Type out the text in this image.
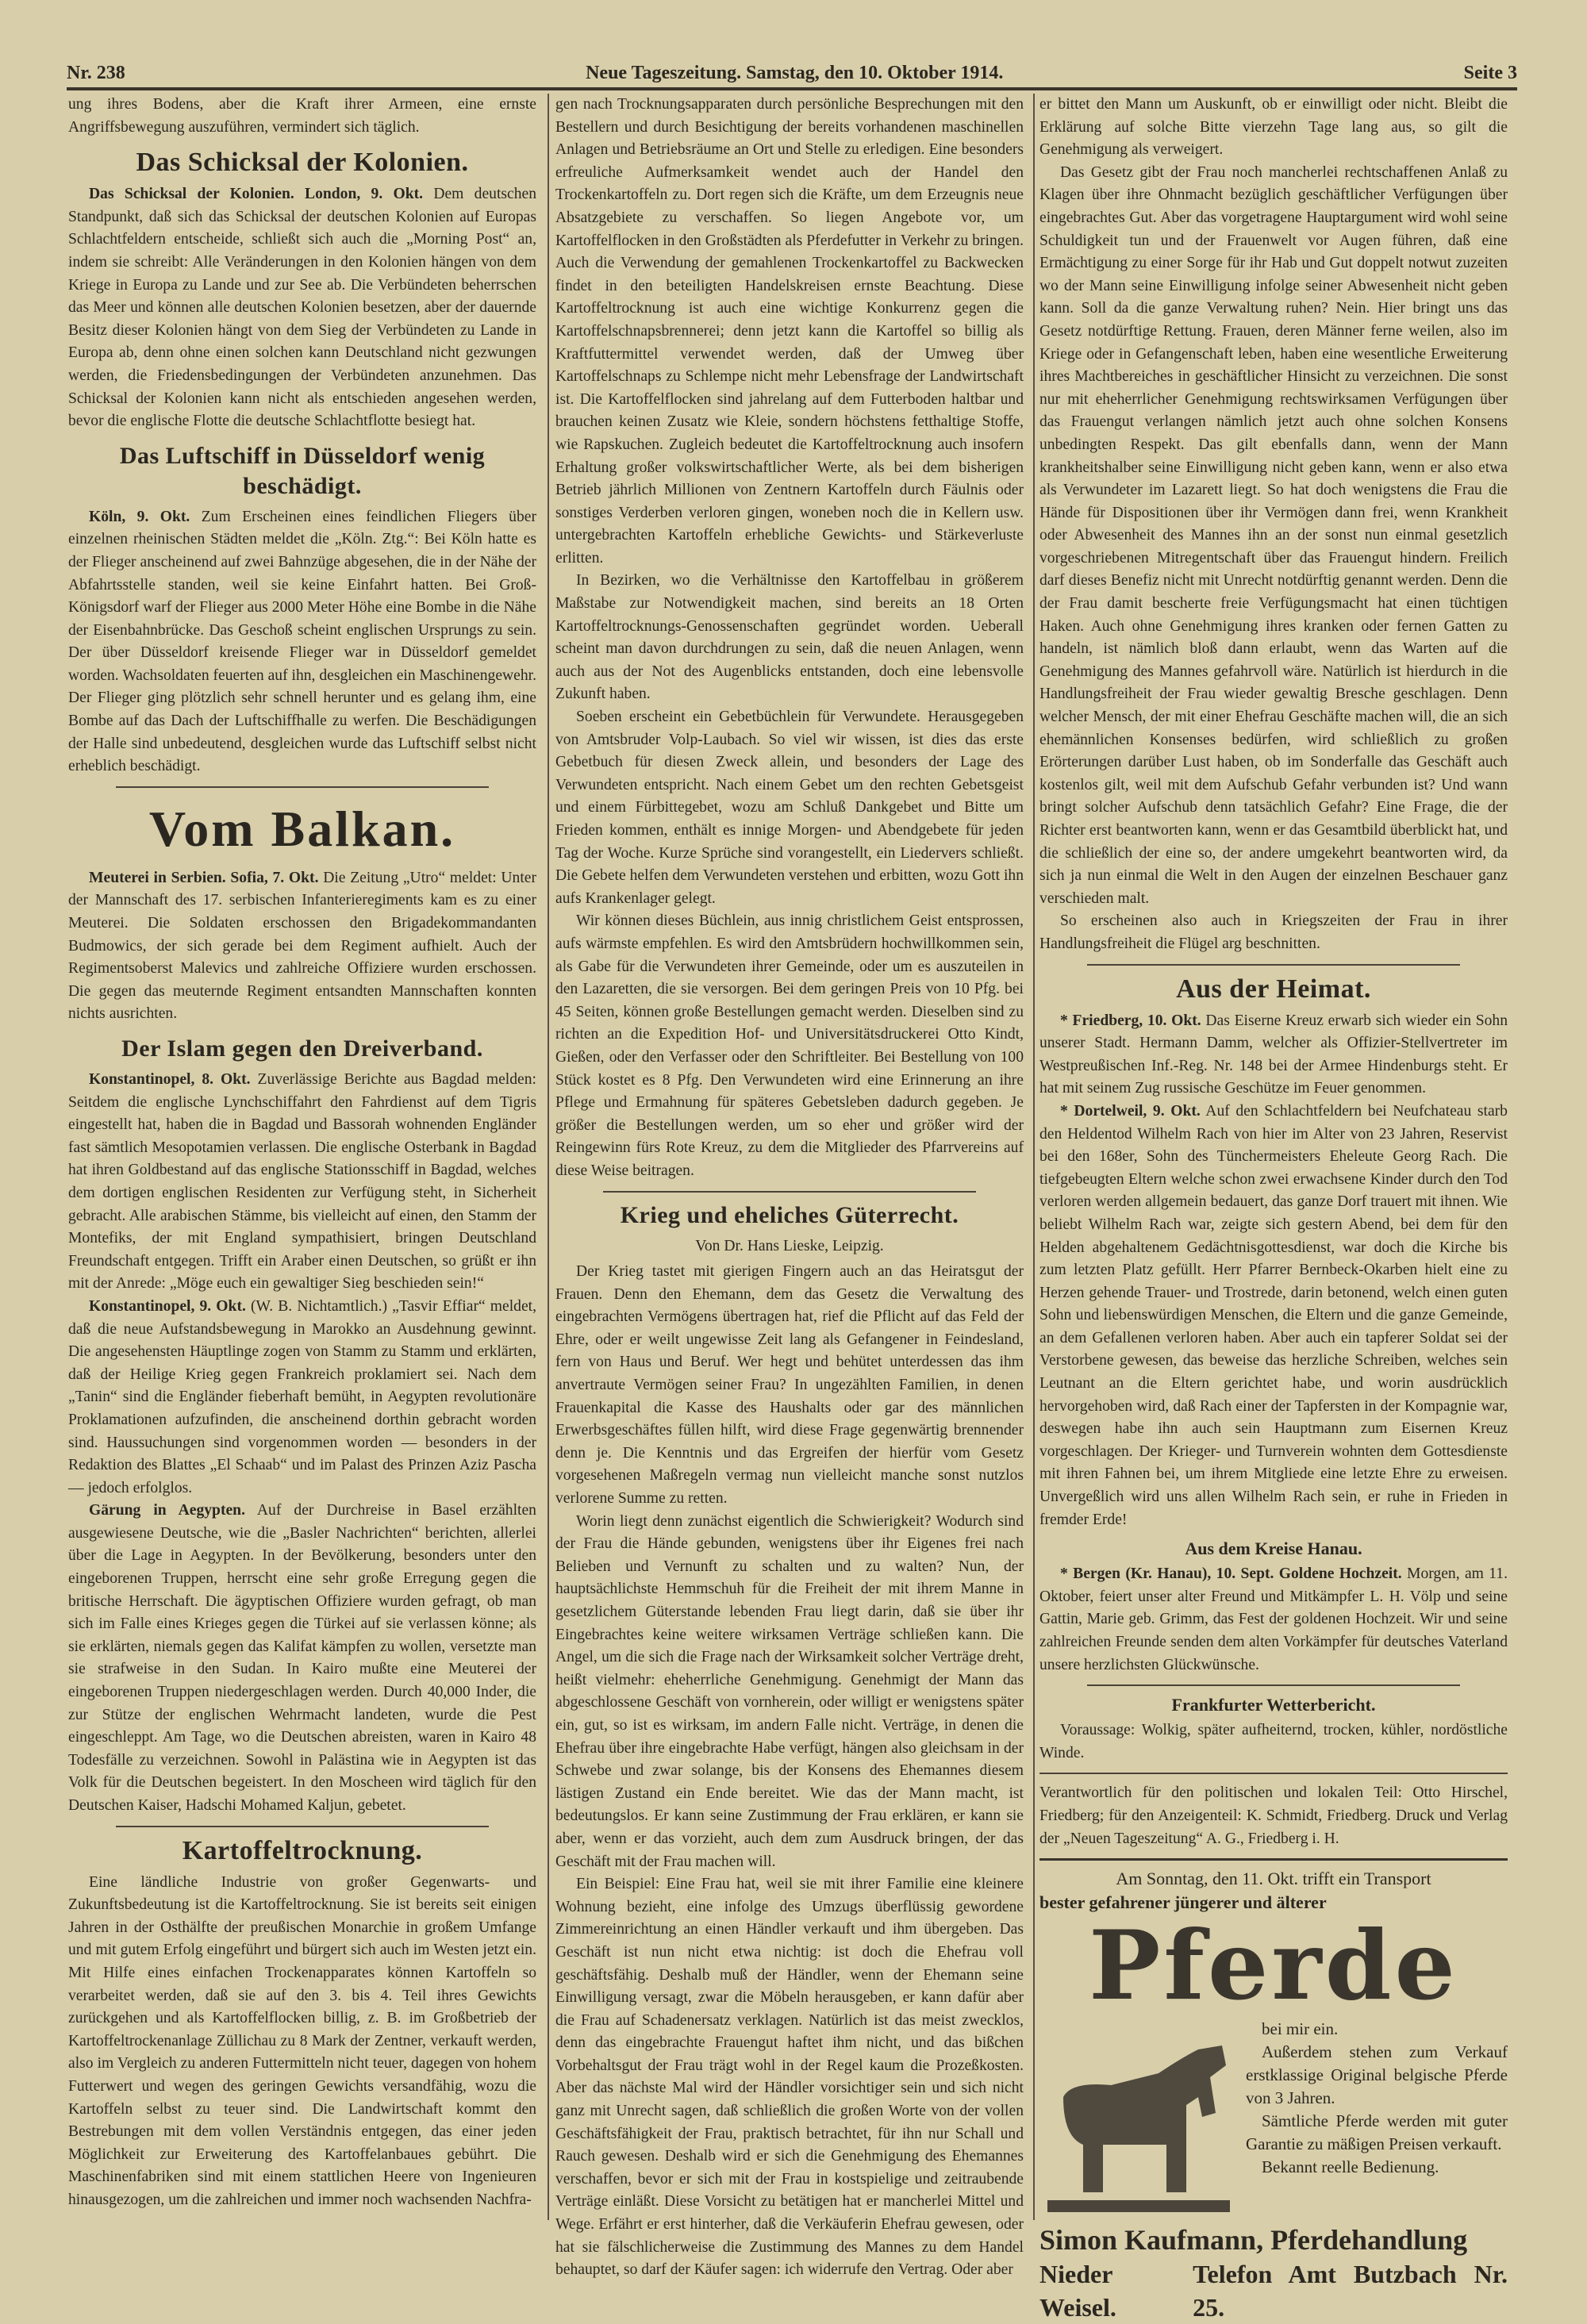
Nr. 238	Neue Tageszeitung. Samstag, den 10. Oktober 1914.	Seite 3

ung ihres Bodens, aber die Kraft ihrer Armeen, eine ernste Angriffsbewegung auszuführen, vermindert sich täglich.

Das Schicksal der Kolonien.

Das Schicksal der Kolonien. London, 9. Okt. Dem deutschen Standpunkt, daß sich das Schicksal der deutschen Kolonien auf Europas Schlachtfeldern entscheide, schließt sich auch die „Morning Post“ an, indem sie schreibt: Alle Veränderungen in den Kolonien hängen von dem Kriege in Europa zu Lande und zur See ab. Die Verbündeten beherrschen das Meer und können alle deutschen Kolonien besetzen, aber der dauernde Besitz dieser Kolonien hängt von dem Sieg der Verbündeten zu Lande in Europa ab, denn ohne einen solchen kann Deutschland nicht gezwungen werden, die Friedensbedingungen der Verbündeten anzunehmen. Das Schicksal der Kolonien kann nicht als entschieden angesehen werden, bevor die englische Flotte die deutsche Schlachtflotte besiegt hat.

Das Luftschiff in Düsseldorf wenig beschädigt.

Köln, 9. Okt. Zum Erscheinen eines feindlichen Fliegers über einzelnen rheinischen Städten meldet die „Köln. Ztg.“: Bei Köln hatte es der Flieger anscheinend auf zwei Bahnzüge abgesehen, die in der Nähe der Abfahrtsstelle standen, weil sie keine Einfahrt hatten. Bei Groß-Königsdorf warf der Flieger aus 2000 Meter Höhe eine Bombe in die Nähe der Eisenbahnbrücke. Das Geschoß scheint englischen Ursprungs zu sein. Der über Düsseldorf kreisende Flieger war in Düsseldorf gemeldet worden. Wachsoldaten feuerten auf ihn, desgleichen ein Maschinengewehr. Der Flieger ging plötzlich sehr schnell herunter und es gelang ihm, eine Bombe auf das Dach der Luftschiffhalle zu werfen. Die Beschädigungen der Halle sind unbedeutend, desgleichen wurde das Luftschiff selbst nicht erheblich beschädigt.

Vom Balkan.

Meuterei in Serbien. Sofia, 7. Okt. Die Zeitung „Utro“ meldet: Unter der Mannschaft des 17. serbischen Infanterieregiments kam es zu einer Meuterei. Die Soldaten erschossen den Brigadekommandanten Budmowics, der sich gerade bei dem Regiment aufhielt. Auch der Regimentsoberst Malevics und zahlreiche Offiziere wurden erschossen. Die gegen das meuternde Regiment entsandten Mannschaften konnten nichts ausrichten.

Der Islam gegen den Dreiverband.

Konstantinopel, 8. Okt. Zuverlässige Berichte aus Bagdad melden: Seitdem die englische Lynchschiffahrt den Fahrdienst auf dem Tigris eingestellt hat, haben die in Bagdad und Bassorah wohnenden Engländer fast sämtlich Mesopotamien verlassen. Die englische Osterbank in Bagdad hat ihren Goldbestand auf das englische Stationsschiff in Bagdad, welches dem dortigen englischen Residenten zur Verfügung steht, in Sicherheit gebracht. Alle arabischen Stämme, bis vielleicht auf einen, den Stamm der Montefiks, der mit England sympathisiert, bringen Deutschland Freundschaft entgegen. Trifft ein Araber einen Deutschen, so grüßt er ihn mit der Anrede: „Möge euch ein gewaltiger Sieg beschieden sein!“

Konstantinopel, 9. Okt. (W. B. Nichtamtlich.) „Tasvir Effiar“ meldet, daß die neue Aufstandsbewegung in Marokko an Ausdehnung gewinnt. Die angesehensten Häuptlinge zogen von Stamm zu Stamm und erklärten, daß der Heilige Krieg gegen Frankreich proklamiert sei. Nach dem „Tanin“ sind die Engländer fieberhaft bemüht, in Aegypten revolutionäre Proklamationen aufzufinden, die anscheinend dorthin gebracht worden sind. Haussuchungen sind vorgenommen worden — besonders in der Redaktion des Blattes „El Schaab“ und im Palast des Prinzen Aziz Pascha — jedoch erfolglos.

Gärung in Aegypten. Auf der Durchreise in Basel erzählten ausgewiesene Deutsche, wie die „Basler Nachrichten“ berichten, allerlei über die Lage in Aegypten. In der Bevölkerung, besonders unter den eingeborenen Truppen, herrscht eine sehr große Erregung gegen die britische Herrschaft. Die ägyptischen Offiziere wurden gefragt, ob man sich im Falle eines Krieges gegen die Türkei auf sie verlassen könne; als sie erklärten, niemals gegen das Kalifat kämpfen zu wollen, versetzte man sie strafweise in den Sudan. In Kairo mußte eine Meuterei der eingeborenen Truppen niedergeschlagen werden. Durch 40,000 Inder, die zur Stütze der englischen Wehrmacht landeten, wurde die Pest eingeschleppt. Am Tage, wo die Deutschen abreisten, waren in Kairo 48 Todesfälle zu verzeichnen. Sowohl in Palästina wie in Aegypten ist das Volk für die Deutschen begeistert. In den Moscheen wird täglich für den Deutschen Kaiser, Hadschi Mohamed Kaljun, gebetet.

Kartoffeltrocknung.

Eine ländliche Industrie von großer Gegenwarts- und Zukunftsbedeutung ist die Kartoffeltrocknung. Sie ist bereits seit einigen Jahren in der Osthälfte der preußischen Monarchie in großem Umfange und mit gutem Erfolg eingeführt und bürgert sich auch im Westen jetzt ein. Mit Hilfe eines einfachen Trockenapparates können Kartoffeln so verarbeitet werden, daß sie auf den 3. bis 4. Teil ihres Gewichts zurückgehen und als Kartoffelflocken billig, z. B. im Großbetrieb der Kartoffeltrockenanlage Züllichau zu 8 Mark der Zentner, verkauft werden, also im Vergleich zu anderen Futtermitteln nicht teuer, dagegen von hohem Futterwert und wegen des geringen Gewichts versandfähig, wozu die Kartoffeln selbst zu teuer sind. Die Landwirtschaft kommt den Bestrebungen mit dem vollen Verständnis entgegen, das einer jeden Möglichkeit zur Erweiterung des Kartoffelanbaues gebührt. Die Maschinenfabriken sind mit einem stattlichen Heere von Ingenieuren hinausgezogen, um die zahlreichen und immer noch wachsenden Nachfra-

gen nach Trocknungsapparaten durch persönliche Besprechungen mit den Bestellern und durch Besichtigung der bereits vorhandenen maschinellen Anlagen und Betriebsräume an Ort und Stelle zu erledigen. Eine besonders erfreuliche Aufmerksamkeit wendet auch der Handel den Trockenkartoffeln zu. Dort regen sich die Kräfte, um dem Erzeugnis neue Absatzgebiete zu verschaffen. So liegen Angebote vor, um Kartoffelflocken in den Großstädten als Pferdefutter in Verkehr zu bringen. Auch die Verwendung der gemahlenen Trockenkartoffel zu Backwecken findet in den beteiligten Handelskreisen ernste Beachtung. Diese Kartoffeltrocknung ist auch eine wichtige Konkurrenz gegen die Kartoffelschnapsbrennerei; denn jetzt kann die Kartoffel so billig als Kraftfuttermittel verwendet werden, daß der Umweg über Kartoffelschnaps zu Schlempe nicht mehr Lebensfrage der Landwirtschaft ist. Die Kartoffelflocken sind jahrelang auf dem Futterboden haltbar und brauchen keinen Zusatz wie Kleie, sondern höchstens fetthaltige Stoffe, wie Rapskuchen. Zugleich bedeutet die Kartoffeltrocknung auch insofern Erhaltung großer volkswirtschaftlicher Werte, als bei dem bisherigen Betrieb jährlich Millionen von Zentnern Kartoffeln durch Fäulnis oder sonstiges Verderben verloren gingen, woneben noch die in Kellern usw. untergebrachten Kartoffeln erhebliche Gewichts- und Stärkeverluste erlitten.

In Bezirken, wo die Verhältnisse den Kartoffelbau in größerem Maßstabe zur Notwendigkeit machen, sind bereits an 18 Orten Kartoffeltrocknungs-Genossenschaften gegründet worden. Ueberall scheint man davon durchdrungen zu sein, daß die neuen Anlagen, wenn auch aus der Not des Augenblicks entstanden, doch eine lebensvolle Zukunft haben.

Soeben erscheint ein Gebetbüchlein für Verwundete. Herausgegeben von Amtsbruder Volp-Laubach. So viel wir wissen, ist dies das erste Gebetbuch für diesen Zweck allein, und besonders der Lage des Verwundeten entspricht. Nach einem Gebet um den rechten Gebetsgeist und einem Fürbittegebet, wozu am Schluß Dankgebet und Bitte um Frieden kommen, enthält es innige Morgen- und Abendgebete für jeden Tag der Woche. Kurze Sprüche sind vorangestellt, ein Liedervers schließt. Die Gebete helfen dem Verwundeten verstehen und erbitten, wozu Gott ihn aufs Krankenlager gelegt.

Wir können dieses Büchlein, aus innig christlichem Geist entsprossen, aufs wärmste empfehlen. Es wird den Amtsbrüdern hochwillkommen sein, als Gabe für die Verwundeten ihrer Gemeinde, oder um es auszuteilen in den Lazaretten, die sie versorgen. Bei dem geringen Preis von 10 Pfg. bei 45 Seiten, können große Bestellungen gemacht werden. Dieselben sind zu richten an die Expedition Hof- und Universitätsdruckerei Otto Kindt, Gießen, oder den Verfasser oder den Schriftleiter. Bei Bestellung von 100 Stück kostet es 8 Pfg. Den Verwundeten wird eine Erinnerung an ihre Pflege und Ermahnung für späteres Gebetsleben dadurch gegeben. Je größer die Bestellungen werden, um so eher und größer wird der Reingewinn fürs Rote Kreuz, zu dem die Mitglieder des Pfarrvereins auf diese Weise beitragen.

Krieg und eheliches Güterrecht.
Von Dr. Hans Lieske, Leipzig.

Der Krieg tastet mit gierigen Fingern auch an das Heiratsgut der Frauen. Denn den Ehemann, dem das Gesetz die Verwaltung des eingebrachten Vermögens übertragen hat, rief die Pflicht auf das Feld der Ehre, oder er weilt ungewisse Zeit lang als Gefangener in Feindesland, fern von Haus und Beruf. Wer hegt und behütet unterdessen das ihm anvertraute Vermögen seiner Frau? In ungezählten Familien, in denen Frauenkapital die Kasse des Haushalts oder gar des männlichen Erwerbsgeschäftes füllen hilft, wird diese Frage gegenwärtig brennender denn je. Die Kenntnis und das Ergreifen der hierfür vom Gesetz vorgesehenen Maßregeln vermag nun vielleicht manche sonst nutzlos verlorene Summe zu retten.

Worin liegt denn zunächst eigentlich die Schwierigkeit? Wodurch sind der Frau die Hände gebunden, wenigstens über ihr Eigenes frei nach Belieben und Vernunft zu schalten und zu walten? Nun, der hauptsächlichste Hemmschuh für die Freiheit der mit ihrem Manne in gesetzlichem Güterstande lebenden Frau liegt darin, daß sie über ihr Eingebrachtes keine weitere wirksamen Verträge schließen kann. Die Angel, um die sich die Frage nach der Wirksamkeit solcher Verträge dreht, heißt vielmehr: eheherrliche Genehmigung. Genehmigt der Mann das abgeschlossene Geschäft von vornherein, oder willigt er wenigstens später ein, gut, so ist es wirksam, im andern Falle nicht. Verträge, in denen die Ehefrau über ihre eingebrachte Habe verfügt, hängen also gleichsam in der Schwebe und zwar solange, bis der Konsens des Ehemannes diesem lästigen Zustand ein Ende bereitet. Wie das der Mann macht, ist bedeutungslos. Er kann seine Zustimmung der Frau erklären, er kann sie aber, wenn er das vorzieht, auch dem zum Ausdruck bringen, der das Geschäft mit der Frau machen will.

Ein Beispiel: Eine Frau hat, weil sie mit ihrer Familie eine kleinere Wohnung bezieht, eine infolge des Umzugs überflüssig gewordene Zimmereinrichtung an einen Händler verkauft und ihm übergeben. Das Geschäft ist nun nicht etwa nichtig: ist doch die Ehefrau voll geschäftsfähig. Deshalb muß der Händler, wenn der Ehemann seine Einwilligung versagt, zwar die Möbeln herausgeben, er kann dafür aber die Frau auf Schadenersatz verklagen. Natürlich ist das meist zwecklos, denn das eingebrachte Frauengut haftet ihm nicht, und das bißchen Vorbehaltsgut der Frau trägt wohl in der Regel kaum die Prozeßkosten. Aber das nächste Mal wird der Händler vorsichtiger sein und sich nicht ganz mit Unrecht sagen, daß schließlich die großen Worte von der vollen Geschäftsfähigkeit der Frau, praktisch betrachtet, für ihn nur Schall und Rauch gewesen. Deshalb wird er sich die Genehmigung des Ehemannes verschaffen, bevor er sich mit der Frau in kostspielige und zeitraubende Verträge einläßt. Diese Vorsicht zu betätigen hat er mancherlei Mittel und Wege. Erfährt er erst hinterher, daß die Verkäuferin Ehefrau gewesen, oder hat sie fälschlicherweise die Zustimmung des Mannes zu dem Handel behauptet, so darf der Käufer sagen: ich widerrufe den Vertrag. Oder aber

er bittet den Mann um Auskunft, ob er einwilligt oder nicht. Bleibt die Erklärung auf solche Bitte vierzehn Tage lang aus, so gilt die Genehmigung als verweigert.

Das Gesetz gibt der Frau noch mancherlei rechtschaffenen Anlaß zu Klagen über ihre Ohnmacht bezüglich geschäftlicher Verfügungen über eingebrachtes Gut. Aber das vorgetragene Hauptargument wird wohl seine Schuldigkeit tun und der Frauenwelt vor Augen führen, daß eine Ermächtigung zu einer Sorge für ihr Hab und Gut doppelt notwut zuzeiten wo der Mann seine Einwilligung infolge seiner Abwesenheit nicht geben kann. Soll da die ganze Verwaltung ruhen? Nein. Hier bringt uns das Gesetz notdürftige Rettung. Frauen, deren Männer ferne weilen, also im Kriege oder in Gefangenschaft leben, haben eine wesentliche Erweiterung ihres Machtbereiches in geschäftlicher Hinsicht zu verzeichnen. Die sonst nur mit eheherrlicher Genehmigung rechtswirksamen Verfügungen über das Frauengut verlangen nämlich jetzt auch ohne solchen Konsens unbedingten Respekt. Das gilt ebenfalls dann, wenn der Mann krankheitshalber seine Einwilligung nicht geben kann, wenn er also etwa als Verwundeter im Lazarett liegt. So hat doch wenigstens die Frau die Hände für Dispositionen über ihr Vermögen dann frei, wenn Krankheit oder Abwesenheit des Mannes ihn an der sonst nun einmal gesetzlich vorgeschriebenen Mitregentschaft über das Frauengut hindern. Freilich darf dieses Benefiz nicht mit Unrecht notdürftig genannt werden. Denn die der Frau damit bescherte freie Verfügungsmacht hat einen tüchtigen Haken. Auch ohne Genehmigung ihres kranken oder fernen Gatten zu handeln, ist nämlich bloß dann erlaubt, wenn das Warten auf die Genehmigung des Mannes gefahrvoll wäre. Natürlich ist hierdurch in die Handlungsfreiheit der Frau wieder gewaltig Bresche geschlagen. Denn welcher Mensch, der mit einer Ehefrau Geschäfte machen will, die an sich ehemännlichen Konsenses bedürfen, wird schließlich zu großen Erörterungen darüber Lust haben, ob im Sonderfalle das Geschäft auch kostenlos gilt, weil mit dem Aufschub Gefahr verbunden ist? Und wann bringt solcher Aufschub denn tatsächlich Gefahr? Eine Frage, die der Richter erst beantworten kann, wenn er das Gesamtbild überblickt hat, und die schließlich der eine so, der andere umgekehrt beantworten wird, da sich ja nun einmal die Welt in den Augen der einzelnen Beschauer ganz verschieden malt.

So erscheinen also auch in Kriegszeiten der Frau in ihrer Handlungsfreiheit die Flügel arg beschnitten.

Aus der Heimat.

* Friedberg, 10. Okt. Das Eiserne Kreuz erwarb sich wieder ein Sohn unserer Stadt. Hermann Damm, welcher als Offizier-Stellvertreter im Westpreußischen Inf.-Reg. Nr. 148 bei der Armee Hindenburgs steht. Er hat mit seinem Zug russische Geschütze im Feuer genommen.

* Dortelweil, 9. Okt. Auf den Schlachtfeldern bei Neufchateau starb den Heldentod Wilhelm Rach von hier im Alter von 23 Jahren, Reservist bei den 168er, Sohn des Tünchermeisters Eheleute Georg Rach. Die tiefgebeugten Eltern welche schon zwei erwachsene Kinder durch den Tod verloren werden allgemein bedauert, das ganze Dorf trauert mit ihnen. Wie beliebt Wilhelm Rach war, zeigte sich gestern Abend, bei dem für den Helden abgehaltenem Gedächtnisgottesdienst, war doch die Kirche bis zum letzten Platz gefüllt. Herr Pfarrer Bernbeck-Okarben hielt eine zu Herzen gehende Trauer- und Trostrede, darin betonend, welch einen guten Sohn und liebenswürdigen Menschen, die Eltern und die ganze Gemeinde, an dem Gefallenen verloren haben. Aber auch ein tapferer Soldat sei der Verstorbene gewesen, das beweise das herzliche Schreiben, welches sein Leutnant an die Eltern gerichtet habe, und worin ausdrücklich hervorgehoben wird, daß Rach einer der Tapfersten in der Kompagnie war, deswegen habe ihn auch sein Hauptmann zum Eisernen Kreuz vorgeschlagen. Der Krieger- und Turnverein wohnten dem Gottesdienste mit ihren Fahnen bei, um ihrem Mitgliede eine letzte Ehre zu erweisen. Unvergeßlich wird uns allen Wilhelm Rach sein, er ruhe in Frieden in fremder Erde!

Aus dem Kreise Hanau.

* Bergen (Kr. Hanau), 10. Sept. Goldene Hochzeit. Morgen, am 11. Oktober, feiert unser alter Freund und Mitkämpfer L. H. Völp und seine Gattin, Marie geb. Grimm, das Fest der goldenen Hochzeit. Wir und seine zahlreichen Freunde senden dem alten Vorkämpfer für deutsches Vaterland unsere herzlichsten Glückwünsche.

Frankfurter Wetterbericht.

Voraussage: Wolkig, später aufheiternd, trocken, kühler, nordöstliche Winde.

Verantwortlich für den politischen und lokalen Teil: Otto Hirschel, Friedberg; für den Anzeigenteil: K. Schmidt, Friedberg. Druck und Verlag der „Neuen Tageszeitung“ A. G., Friedberg i. H.

Am Sonntag, den 11. Okt. trifft ein Transport
bester gefahrener jüngerer und älterer
Pferde

bei mir ein.

Außerdem stehen zum Verkauf erstklassige Original belgische Pferde von 3 Jahren.

Sämtliche Pferde werden mit guter Garantie zu mäßigen Preisen verkauft.

Bekannt reelle Bedienung.

Simon Kaufmann, Pferdehandlung
Nieder Weisel.
Telefon Amt Butzbach Nr. 25.
